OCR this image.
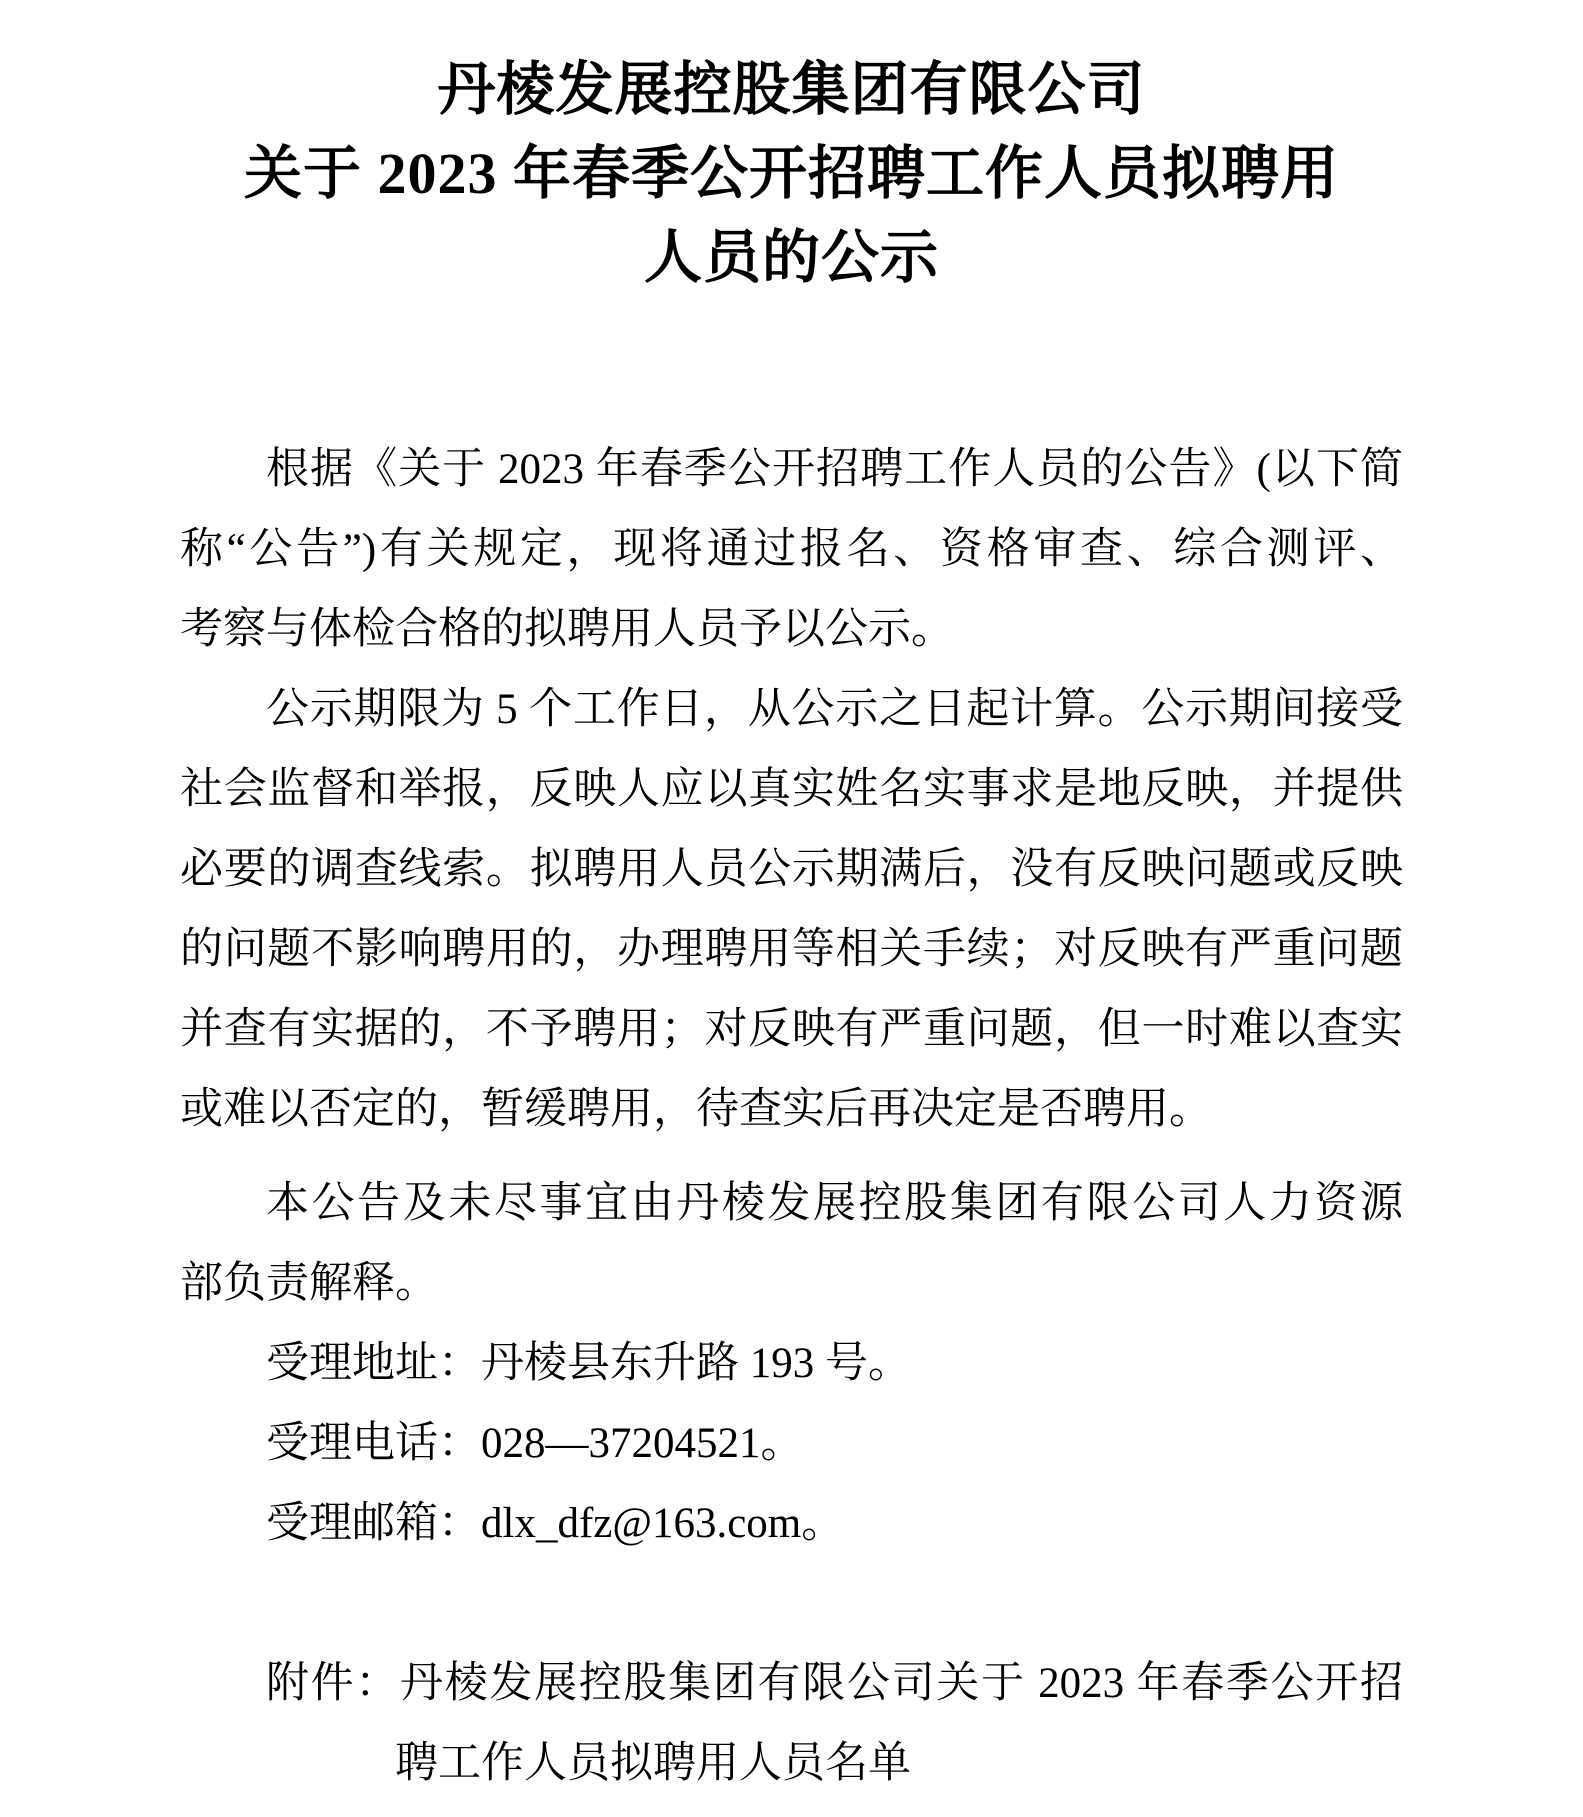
丹棱发展控股集团有限公司
关于 2023 年春季公开招聘工作人员拟聘用
人员的公示
根据《关于 2023 年春季公开招聘工作人员的公告》(以下简
称“公告”)有关规定，现将通过报名、资格审查、综合测评、
考察与体检合格的拟聘用人员予以公示。
公示期限为 5 个工作日，从公示之日起计算。公示期间接受
社会监督和举报，反映人应以真实姓名实事求是地反映，并提供
必要的调查线索。拟聘用人员公示期满后，没有反映问题或反映
的问题不影响聘用的，办理聘用等相关手续；对反映有严重问题
并查有实据的，不予聘用；对反映有严重问题，但一时难以查实
或难以否定的，暂缓聘用，待查实后再决定是否聘用。
本公告及未尽事宜由丹棱发展控股集团有限公司人力资源
部负责解释。
受理地址：丹棱县东升路 193 号。
受理电话：028—37204521。
受理邮箱：dlx_dfz@163.com。
附件：丹棱发展控股集团有限公司关于 2023 年春季公开招
聘工作人员拟聘用人员名单
